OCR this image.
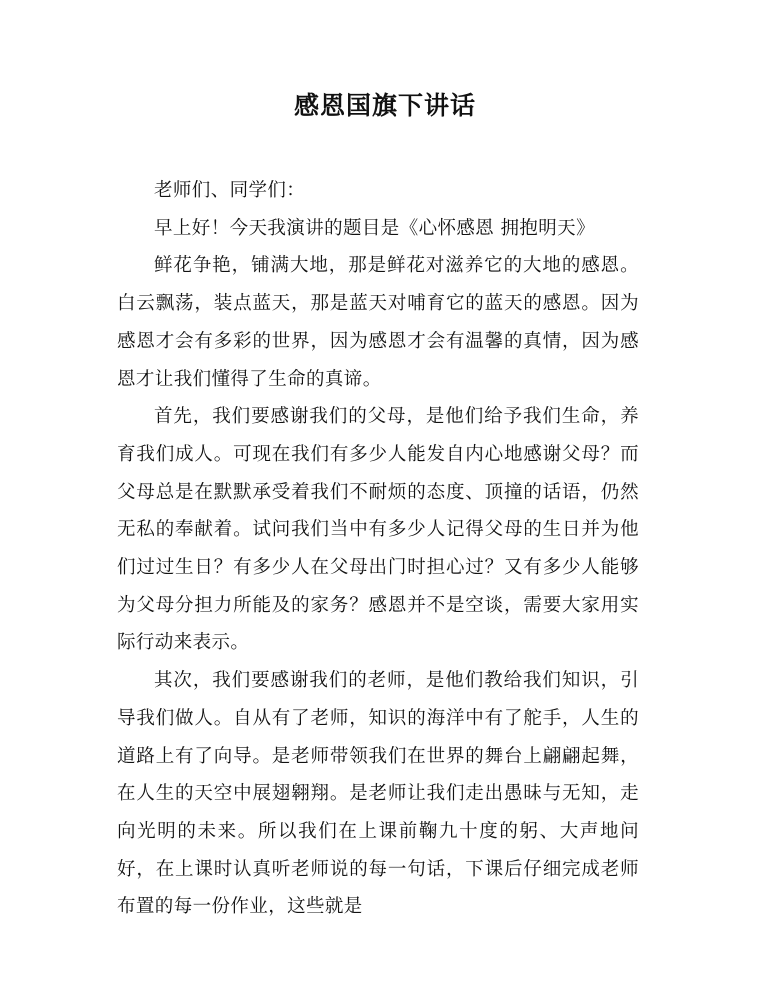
感恩国旗下讲话

老师们、同学们：

早上好！今天我演讲的题目是《心怀感恩 拥抱明天》

鲜花争艳，铺满大地，那是鲜花对滋养它的大地的感恩。白云飘荡，装点蓝天，那是蓝天对哺育它的蓝天的感恩。因为感恩才会有多彩的世界，因为感恩才会有温馨的真情，因为感恩才让我们懂得了生命的真谛。

首先，我们要感谢我们的父母，是他们给予我们生命，养育我们成人。可现在我们有多少人能发自内心地感谢父母？而父母总是在默默承受着我们不耐烦的态度、顶撞的话语，仍然无私的奉献着。试问我们当中有多少人记得父母的生日并为他们过过生日？有多少人在父母出门时担心过？又有多少人能够为父母分担力所能及的家务？感恩并不是空谈，需要大家用实际行动来表示。

其次，我们要感谢我们的老师，是他们教给我们知识，引导我们做人。自从有了老师，知识的海洋中有了舵手，人生的道路上有了向导。是老师带领我们在世界的舞台上翩翩起舞，在人生的天空中展翅翱翔。是老师让我们走出愚昧与无知，走向光明的未来。所以我们在上课前鞠九十度的躬、大声地问好，在上课时认真听老师说的每一句话，下课后仔细完成老师布置的每一份作业，这些就是
